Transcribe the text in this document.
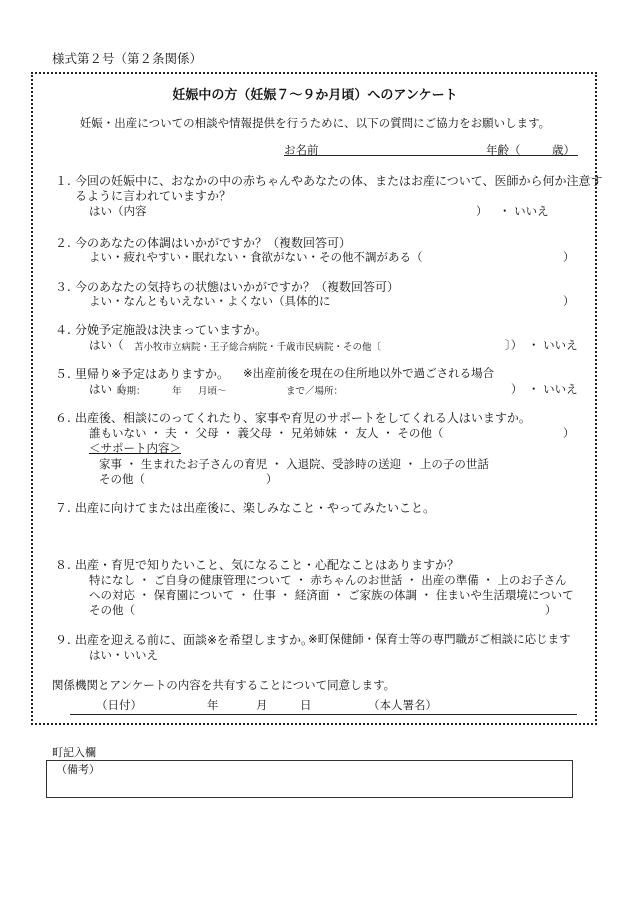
様式第２号（第２条関係）
妊娠中の方（妊娠７～９か月頃）へのアンケート
妊娠・出産についての相談や情報提供を行うために、以下の質問にご協力をお願いします。
お名前	年齢（	歳）
１. 今回の妊娠中に、おなかの中の赤ちゃんやあなたの体、またはお産について、医師から何か注意す
るように言われていますか？
はい（内容	） ・ いいえ
２. 今のあなたの体調はいかがですか？（複数回答可）
よい・疲れやすい・眠れない・食欲がない・その他不調がある（	）
３. 今のあなたの気持ちの状態はいかがですか？（複数回答可）
よい・なんともいえない・よくない（具体的に	）
４. 分娩予定施設は決まっていますか。
はい（ 苫小牧市立病院・王子総合病院・千歳市民病院・その他〔	〕） ・ いいえ
５. 里帰り※予定はありますか。 ※出産前後を現在の住所地以外で過ごされる場合
はい（
時期：	年 月頃～	まで／場所：	） ・ いいえ
６. 出産後、相談にのってくれたり、家事や育児のサポートをしてくれる人はいますか。
誰もいない ・ 夫 ・ 父母 ・ 義父母 ・ 兄弟姉妹 ・ 友人 ・ その他（	）
＜サポート内容＞
家事 ・ 生まれたお子さんの育児 ・ 入退院、受診時の送迎 ・ 上の子の世話
その他（	）
７. 出産に向けてまたは出産後に、楽しみなこと・やってみたいこと。
８. 出産・育児で知りたいこと、気になること・心配なことはありますか？
特になし ・ ご自身の健康管理について ・ 赤ちゃんのお世話 ・ 出産の準備 ・ 上のお子さん
への対応 ・ 保育園について ・ 仕事 ・ 経済面 ・ ご家族の体調 ・ 住まいや生活環境について
その他（	）
９. 出産を迎える前に、面談※を希望しますか。
※町保健師・保育士等の専門職がご相談に応じます
はい・いいえ
関係機関とアンケートの内容を共有することについて同意します。
（日付）	年	月	日	（本人署名）
町記入欄
（備考）
